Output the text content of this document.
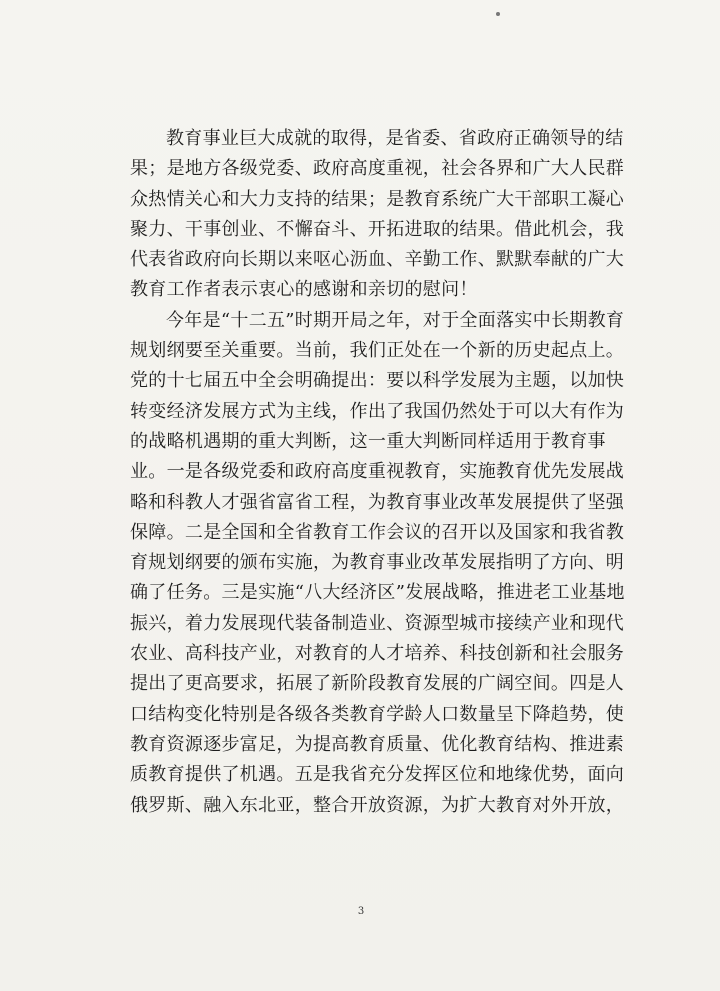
教育事业巨大成就的取得，是省委、省政府正确领导的结
果；是地方各级党委、政府高度重视，社会各界和广大人民群
众热情关心和大力支持的结果；是教育系统广大干部职工凝心
聚力、干事创业、不懈奋斗、开拓进取的结果。借此机会，我
代表省政府向长期以来呕心沥血、辛勤工作、默默奉献的广大
教育工作者表示衷心的感谢和亲切的慰问！

今年是“十二五”时期开局之年，对于全面落实中长期教育
规划纲要至关重要。当前，我们正处在一个新的历史起点上。
党的十七届五中全会明确提出：要以科学发展为主题，以加快
转变经济发展方式为主线，作出了我国仍然处于可以大有作为
的战略机遇期的重大判断，这一重大判断同样适用于教育事
业。一是各级党委和政府高度重视教育，实施教育优先发展战
略和科教人才强省富省工程，为教育事业改革发展提供了坚强
保障。二是全国和全省教育工作会议的召开以及国家和我省教
育规划纲要的颁布实施，为教育事业改革发展指明了方向、明
确了任务。三是实施“八大经济区”发展战略，推进老工业基地
振兴，着力发展现代装备制造业、资源型城市接续产业和现代
农业、高科技产业，对教育的人才培养、科技创新和社会服务
提出了更高要求，拓展了新阶段教育发展的广阔空间。四是人
口结构变化特别是各级各类教育学龄人口数量呈下降趋势，使
教育资源逐步富足，为提高教育质量、优化教育结构、推进素
质教育提供了机遇。五是我省充分发挥区位和地缘优势，面向
俄罗斯、融入东北亚，整合开放资源，为扩大教育对外开放，

3
